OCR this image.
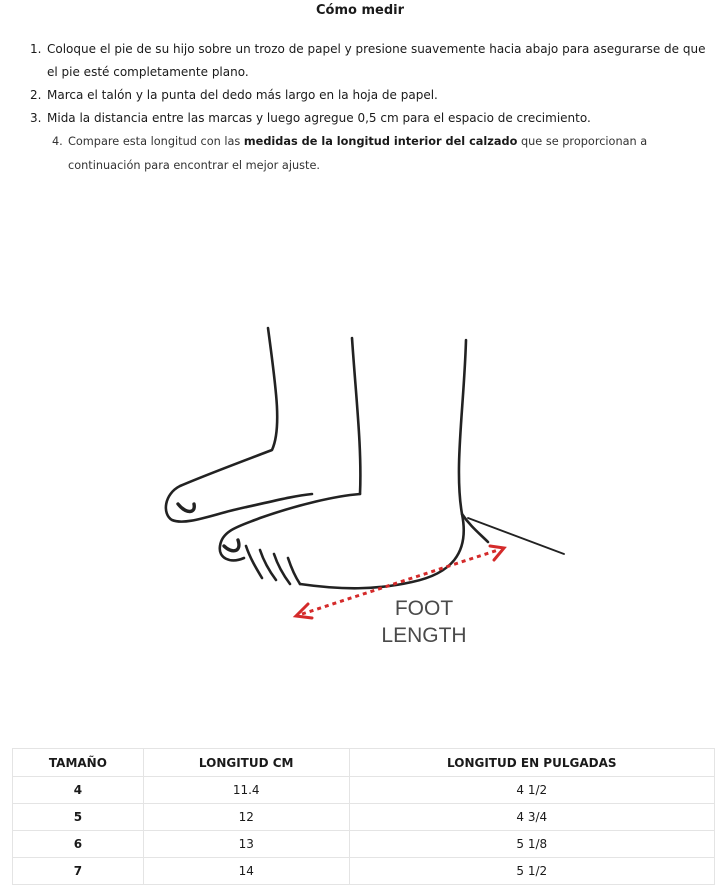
Cómo medir
1. Coloque el pie de su hijo sobre un trozo de papel y presione suavemente hacia abajo para asegurarse de que el pie esté completamente plano.
2. Marca el talón y la punta del dedo más largo en la hoja de papel.
3. Mida la distancia entre las marcas y luego agregue 0,5 cm para el espacio de crecimiento.
4. Compare esta longitud con las medidas de la longitud interior del calzado que se proporcionan a continuación para encontrar el mejor ajuste.
FOOT
LENGTH
TAMAÑO	LONGITUD CM	LONGITUD EN PULGADAS
4	11.4	4 1/2
5	12	4 3/4
6	13	5 1/8
7	14	5 1/2
